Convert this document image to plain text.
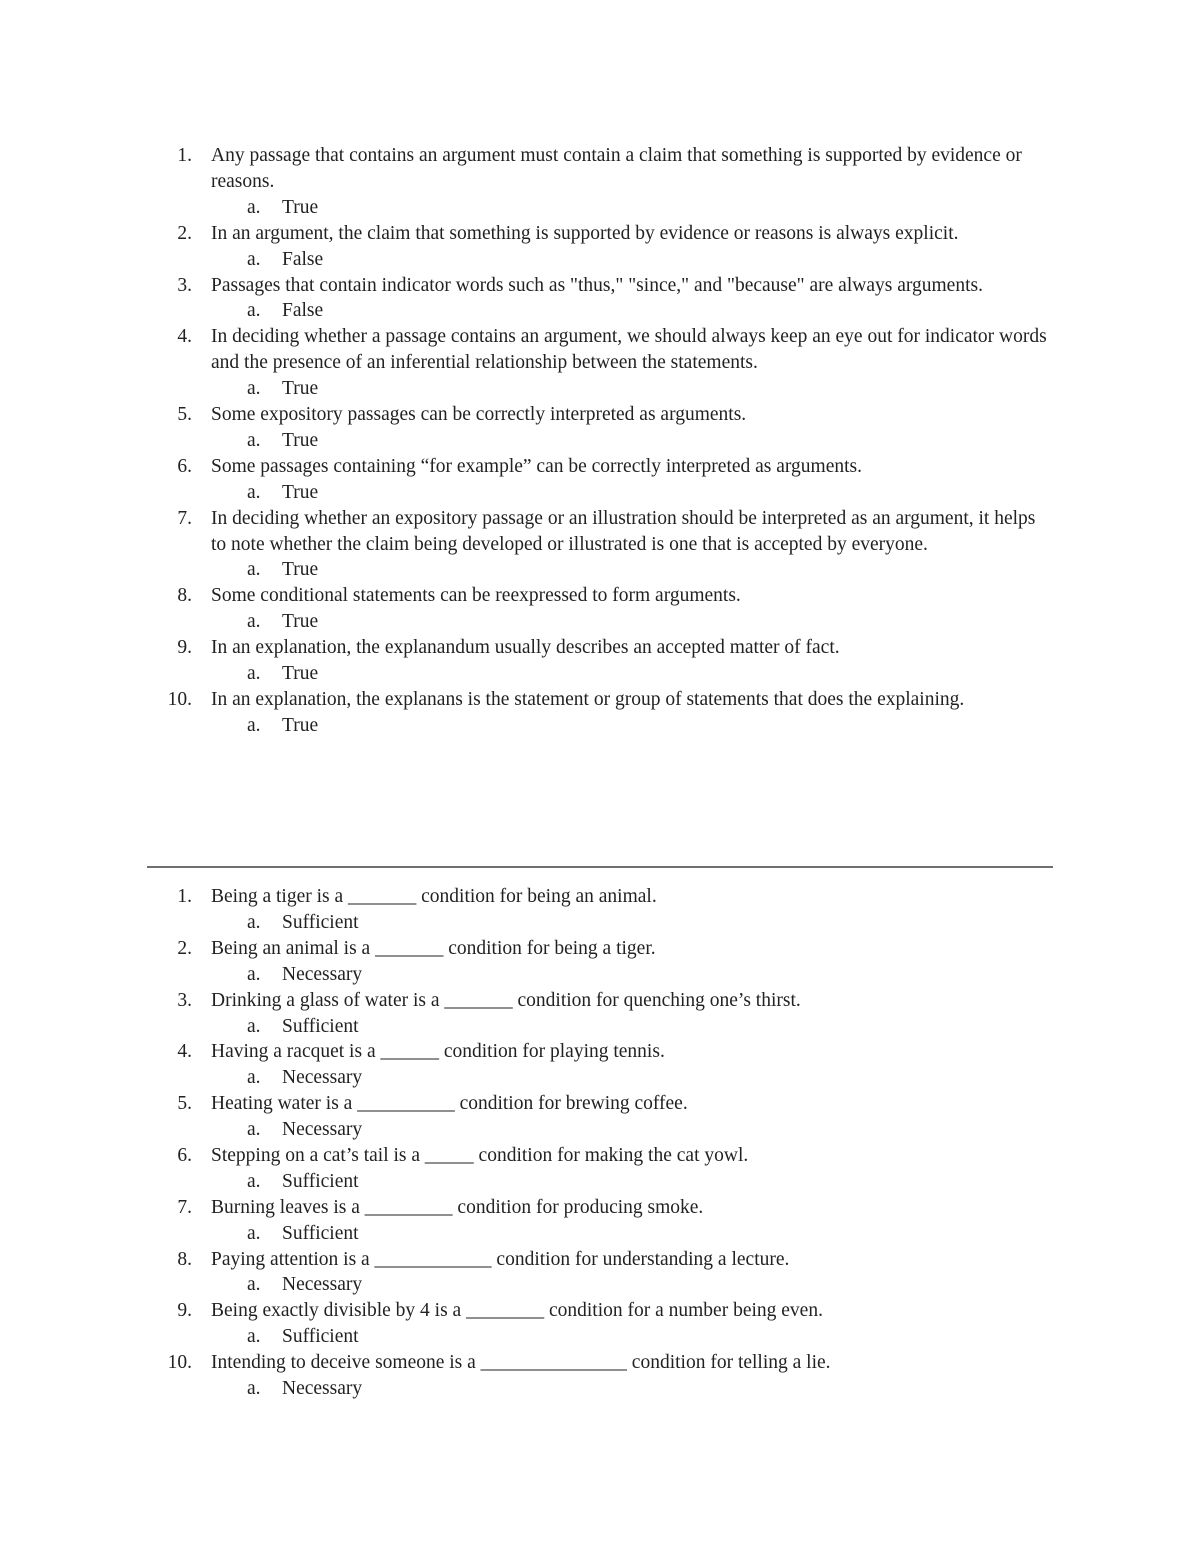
1. Any passage that contains an argument must contain a claim that something is supported by evidence or reasons.
a. True
2. In an argument, the claim that something is supported by evidence or reasons is always explicit.
a. False
3. Passages that contain indicator words such as "thus," "since," and "because" are always arguments.
a. False
4. In deciding whether a passage contains an argument, we should always keep an eye out for indicator words and the presence of an inferential relationship between the statements.
a. True
5. Some expository passages can be correctly interpreted as arguments.
a. True
6. Some passages containing “for example” can be correctly interpreted as arguments.
a. True
7. In deciding whether an expository passage or an illustration should be interpreted as an argument, it helps to note whether the claim being developed or illustrated is one that is accepted by everyone.
a. True
8. Some conditional statements can be reexpressed to form arguments.
a. True
9. In an explanation, the explanandum usually describes an accepted matter of fact.
a. True
10. In an explanation, the explanans is the statement or group of statements that does the explaining.
a. True
1. Being a tiger is a _______ condition for being an animal.
a. Sufficient
2. Being an animal is a _______ condition for being a tiger.
a. Necessary
3. Drinking a glass of water is a _______ condition for quenching one’s thirst.
a. Sufficient
4. Having a racquet is a ______ condition for playing tennis.
a. Necessary
5. Heating water is a __________ condition for brewing coffee.
a. Necessary
6. Stepping on a cat’s tail is a _____ condition for making the cat yowl.
a. Sufficient
7. Burning leaves is a _________ condition for producing smoke.
a. Sufficient
8. Paying attention is a ____________ condition for understanding a lecture.
a. Necessary
9. Being exactly divisible by 4 is a ________ condition for a number being even.
a. Sufficient
10. Intending to deceive someone is a _______________ condition for telling a lie.
a. Necessary
